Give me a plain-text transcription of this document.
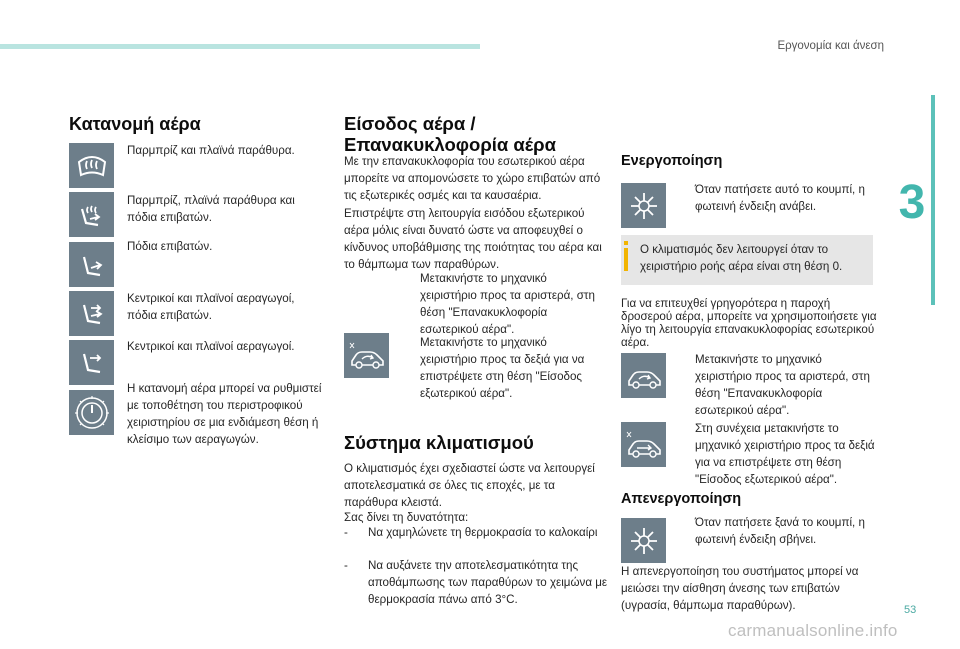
Εργονομία και άνεση
3
Κατανομή αέρα
Παρμπρίζ και πλαϊνά παράθυρα.
Παρμπρίζ, πλαϊνά παράθυρα και πόδια επιβατών.
Πόδια επιβατών.
Κεντρικοί και πλαϊνοί αεραγωγοί, πόδια επιβατών.
Κεντρικοί και πλαϊνοί αεραγωγοί.
Η κατανομή αέρα μπορεί να ρυθμιστεί με τοποθέτηση του περιστροφικού χειριστηρίου σε μια ενδιάμεση θέση ή κλείσιμο των αεραγωγών.
Είσοδος αέρα /
Επανακυκλοφορία αέρα
Με την επανακυκλοφορία του εσωτερικού αέρα μπορείτε να απομονώσετε το χώρο επιβατών από τις εξωτερικές οσμές και τα καυσαέρια.
Επιστρέψτε στη λειτουργία εισόδου εξωτερικού αέρα μόλις είναι δυνατό ώστε να αποφευχθεί ο κίνδυνος υποβάθμισης της ποιότητας του αέρα και το θάμπωμα των παραθύρων.
Μετακινήστε το μηχανικό χειριστήριο προς τα αριστερά, στη θέση "Επανακυκλοφορία εσωτερικού αέρα".
Μετακινήστε το μηχανικό χειριστήριο προς τα δεξιά για να επιστρέψετε στη θέση "Είσοδος εξωτερικού αέρα".
Σύστημα κλιματισμού
Ο κλιματισμός έχει σχεδιαστεί ώστε να λειτουργεί αποτελεσματικά σε όλες τις εποχές, με τα παράθυρα κλειστά.
Σας δίνει τη δυνατότητα:
-	Να χαμηλώνετε τη θερμοκρασία το καλοκαίρι
-	Να αυξάνετε την αποτελεσματικότητα της αποθάμπωσης των παραθύρων το χειμώνα με θερμοκρασία πάνω από 3°C.
Ενεργοποίηση
Όταν πατήσετε αυτό το κουμπί, η φωτεινή ένδειξη ανάβει.
Ο κλιματισμός δεν λειτουργεί όταν το χειριστήριο ροής αέρα είναι στη θέση 0.
Για να επιτευχθεί γρηγορότερα η παροχή δροσερού αέρα, μπορείτε να χρησιμοποιήσετε για λίγο τη λειτουργία επανακυκλοφορίας εσωτερικού αέρα.
Μετακινήστε το μηχανικό χειριστήριο προς τα αριστερά, στη θέση "Επανακυκλοφορία εσωτερικού αέρα".
Στη συνέχεια μετακινήστε το μηχανικό χειριστήριο προς τα δεξιά για να επιστρέψετε στη θέση "Είσοδος εξωτερικού αέρα".
Απενεργοποίηση
Όταν πατήσετε ξανά το κουμπί, η φωτεινή ένδειξη σβήνει.
Η απενεργοποίηση του συστήματος μπορεί να μειώσει την αίσθηση άνεσης των επιβατών (υγρασία, θάμπωμα παραθύρων).	53
carmanualsonline.info
